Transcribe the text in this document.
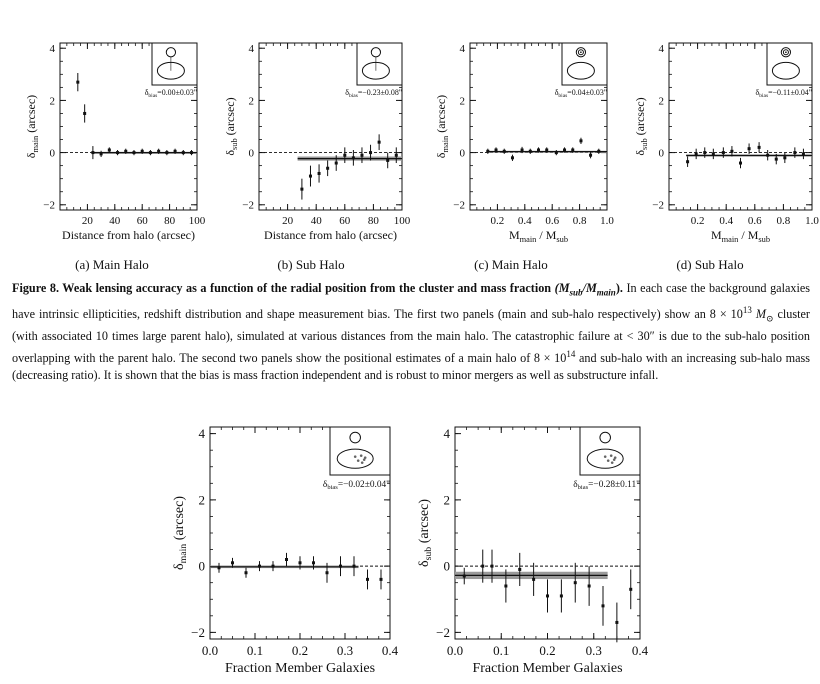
20 40 60 80 100
4
2
0
−2
Distance from halo (arcsec)
$\delta_{main}$ (arcsec)
$\delta_{bias}=0.00\pm 0.03$"
20 40 60 80 100
4
2
0
−2
Distance from halo (arcsec)
$\delta_{sub}$ (arcsec)
$\delta_{bias}=-0.23\pm 0.08$"
0.2 0.4 0.6 0.8 1.0
4
2
0
−2
$M_{main} / M_{sub}$
$\delta_{main}$ (arcsec)
$\delta_{bias}=0.04\pm 0.03$"
0.2 0.4 0.6 0.8 1.0
4
2
0
−2
$M_{main} / M_{sub}$
$\delta_{sub}$ (arcsec)
$\delta_{bias}=-0.11\pm 0.04$"
(a) Main Halo	(b) Sub Halo	(c) Main Halo	(d) Sub Halo
Figure 8. Weak lensing accuracy as a function of the radial position from the cluster and mass fraction $(M_{sub}/M_{main})$. In each case the background galaxies have intrinsic ellipticities, redshift distribution and shape measurement bias. The first two panels (main and sub-halo respectively) show an $8 \times 10^{13}$ $M_⊙$ cluster (with associated 10 times large parent halo), simulated at various distances from the main halo. The catastrophic failure at < 30″ is due to the sub-halo position overlapping with the parent halo. The second two panels show the positional estimates of a main halo of $8 \times 10^{14}$ and sub-halo with an increasing sub-halo mass (decreasing ratio). It is shown that the bias is mass fraction independent and is robust to minor mergers as well as substructure infall.
0.0 0.1 0.2 0.3 0.4
4
2
0
−2
Fraction Member Galaxies
$\delta_{main}$ (arcsec)
$\delta_{bias}=-0.02\pm 0.04$"
0.0 0.1 0.2 0.3 0.4
4
2
0
−2
Fraction Member Galaxies
$\delta_{sub}$ (arcsec)
$\delta_{bias}=-0.28\pm 0.11$"
